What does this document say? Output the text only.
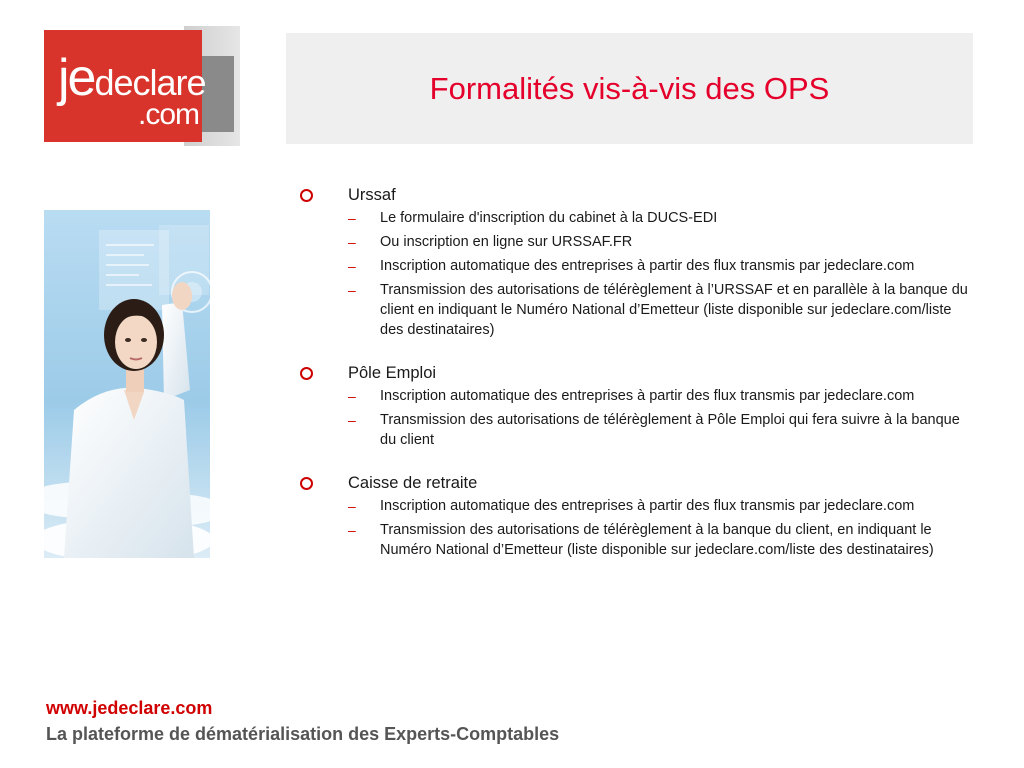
jedeclare
.com
Formalités vis-à-vis des OPS
Urssaf
– Le formulaire d'inscription du cabinet à la DUCS-EDI
– Ou inscription en ligne sur URSSAF.FR
– Inscription automatique des entreprises à partir des flux transmis par jedeclare.com
– Transmission des autorisations de télérèglement à l’URSSAF et en parallèle à la banque du client en indiquant le Numéro National d’Emetteur (liste disponible sur jedeclare.com/liste des destinataires)
Pôle Emploi
– Inscription automatique des entreprises à partir des flux transmis par jedeclare.com
– Transmission des autorisations de télérèglement à Pôle Emploi qui fera suivre à la banque du client
Caisse de retraite
– Inscription automatique des entreprises à partir des flux transmis par jedeclare.com
– Transmission des autorisations de télérèglement à la banque du client, en indiquant le Numéro National d’Emetteur (liste disponible sur jedeclare.com/liste des destinataires)
www.jedeclare.com
La plateforme de dématérialisation des Experts-Comptables
